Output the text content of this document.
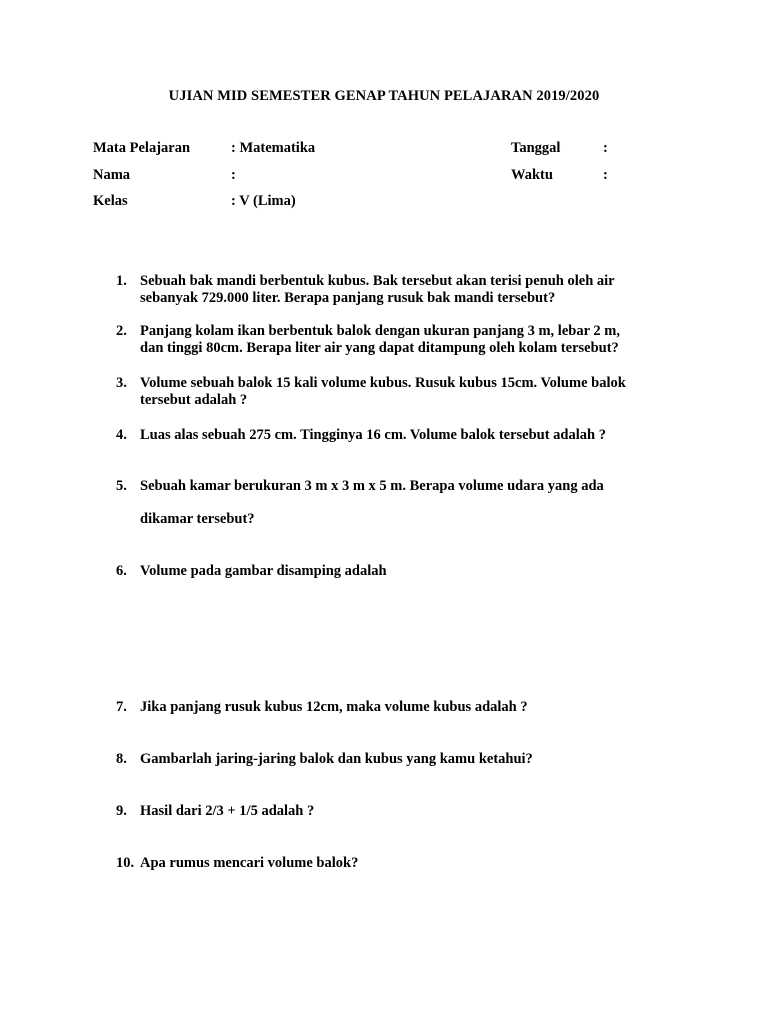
UJIAN MID SEMESTER GENAP TAHUN PELAJARAN 2019/2020
Mata Pelajaran	: Matematika	Tanggal	:
Nama	:	Waktu	:
Kelas	: V (Lima)
1. Sebuah bak mandi berbentuk kubus. Bak tersebut akan terisi penuh oleh air
sebanyak 729.000 liter. Berapa panjang rusuk bak mandi tersebut?
2. Panjang kolam ikan berbentuk balok dengan ukuran panjang 3 m, lebar 2 m,
dan tinggi 80cm. Berapa liter air yang dapat ditampung oleh kolam tersebut?
3. Volume sebuah balok 15 kali volume kubus. Rusuk kubus 15cm. Volume balok
tersebut adalah ?
4. Luas alas sebuah 275 cm. Tingginya 16 cm. Volume balok tersebut adalah ?
5. Sebuah kamar berukuran 3 m x 3 m x 5 m. Berapa volume udara yang ada
dikamar tersebut?
6. Volume pada gambar disamping adalah
7. Jika panjang rusuk kubus 12cm, maka volume kubus adalah ?
8. Gambarlah jaring-jaring balok dan kubus yang kamu ketahui?
9. Hasil dari 2/3 + 1/5 adalah ?
10. Apa rumus mencari volume balok?
